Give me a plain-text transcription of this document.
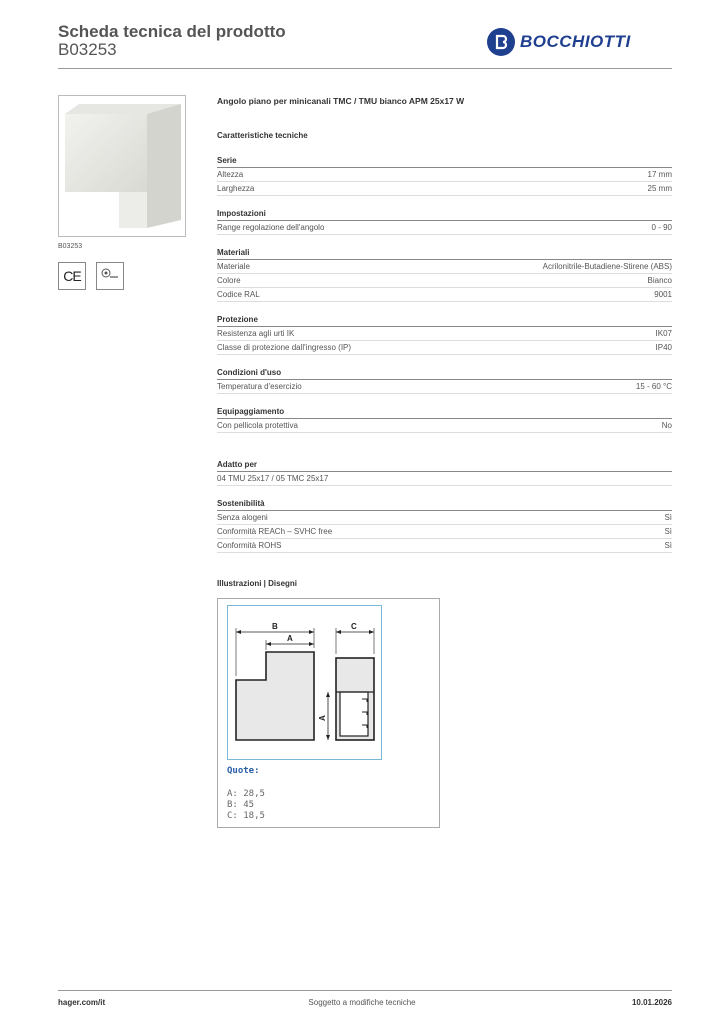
Scheda tecnica del prodotto
B03253	BOCCHIOTTI
B03253
CE
Angolo piano per minicanali TMC / TMU bianco APM 25x17 W
Caratteristiche tecniche
Serie
Altezza	17 mm
Larghezza	25 mm
Impostazioni
Range regolazione dell'angolo	0 - 90
Materiali
Materiale	Acrilonitrile-Butadiene-Stirene (ABS)
Colore	Bianco
Codice RAL	9001
Protezione
Resistenza agli urti IK	IK07
Classe di protezione dall'ingresso (IP)	IP40
Condizioni d'uso
Temperatura d'esercizio	15 - 60 °C
Equipaggiamento
Con pellicola protettiva	No
Adatto per
04 TMU 25x17 / 05 TMC 25x17
Sostenibilità
Senza alogeni	Sì
Conformità REACh – SVHC free	Sì
Conformità ROHS	Sì
Illustrazioni | Disegni
B
A
C
A
Quote:
A: 28,5
B: 45
C: 18,5
hager.com/it	Soggetto a modifiche tecniche	10.01.2026
